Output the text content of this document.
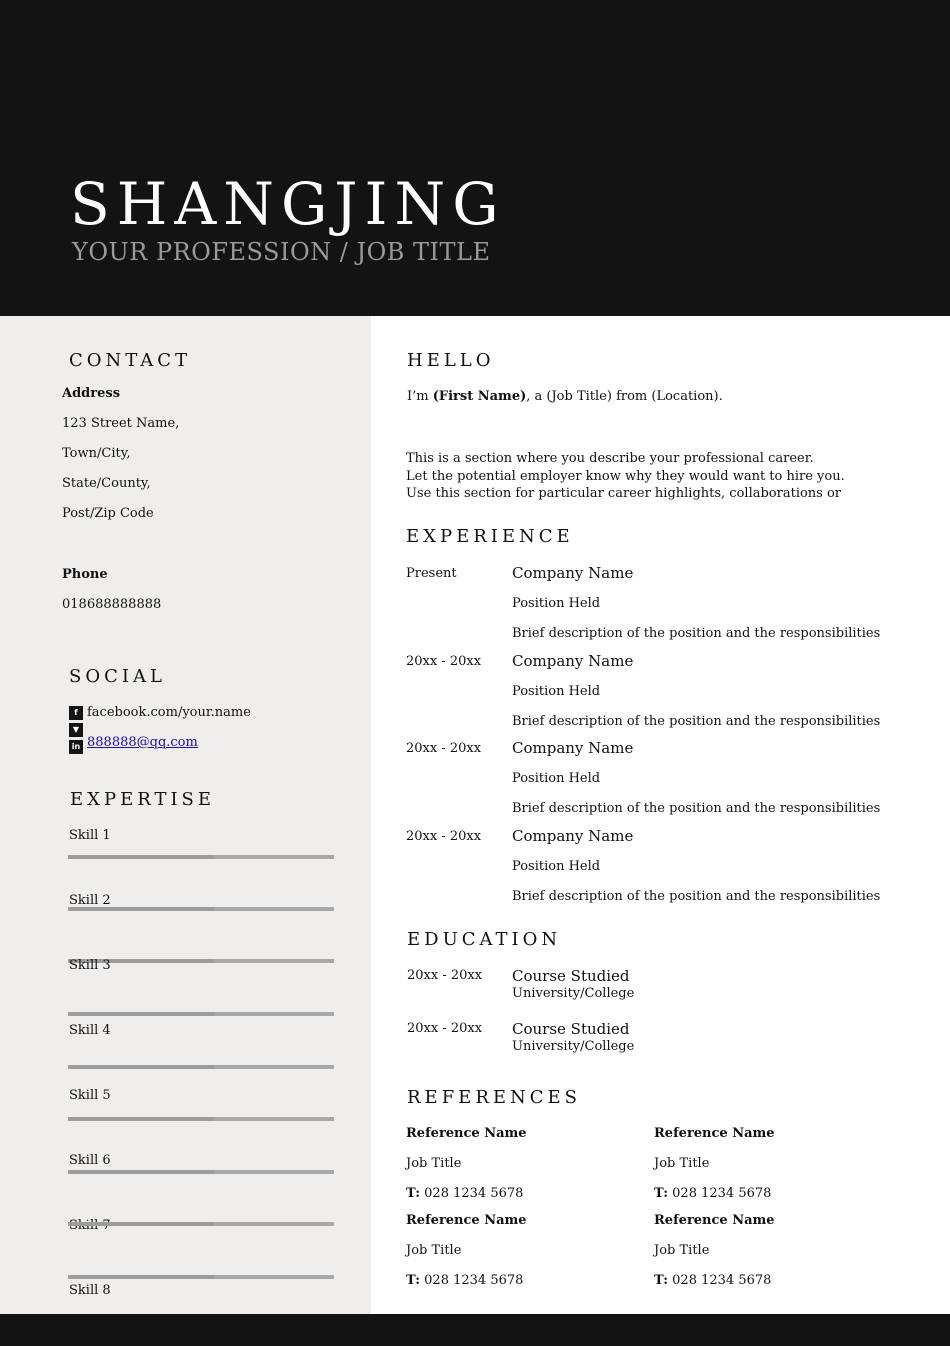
SHANGJING
YOUR PROFESSION / JOB TITLE
CONTACT
Address
123 Street Name,
Town/City,
State/County,
Post/Zip Code
Phone
018688888888
SOCIAL
f
▼
in
facebook.com/your.name
888888@qq.com
EXPERTISE
Skill 1
Skill 2
Skill 3
Skill 4
Skill 5
Skill 6
Skill 8
HELLO
I’m (First Name), a (Job Title) from (Location).
This is a section where you describe your professional career.
Let the potential employer know why they would want to hire you.
Use this section for particular career highlights, collaborations or
EXPERIENCE
Present	Company Name
Position Held
Brief description of the position and the responsibilities
20xx - 20xx Company Name
Position Held
Brief description of the position and the responsibilities
20xx - 20xx Company Name
Position Held
Brief description of the position and the responsibilities
20xx - 20xx Company Name
Position Held
Brief description of the position and the responsibilities
EDUCATION
20xx - 20xx Course Studied
University/College
20xx - 20xx Course Studied
University/College
REFERENCES
Reference Name
Job Title
T: 028 1234 5678
Reference Name
Job Title
T: 028 1234 5678
Reference Name
Job Title
T: 028 1234 5678
Reference Name
Job Title
T: 028 1234 5678
